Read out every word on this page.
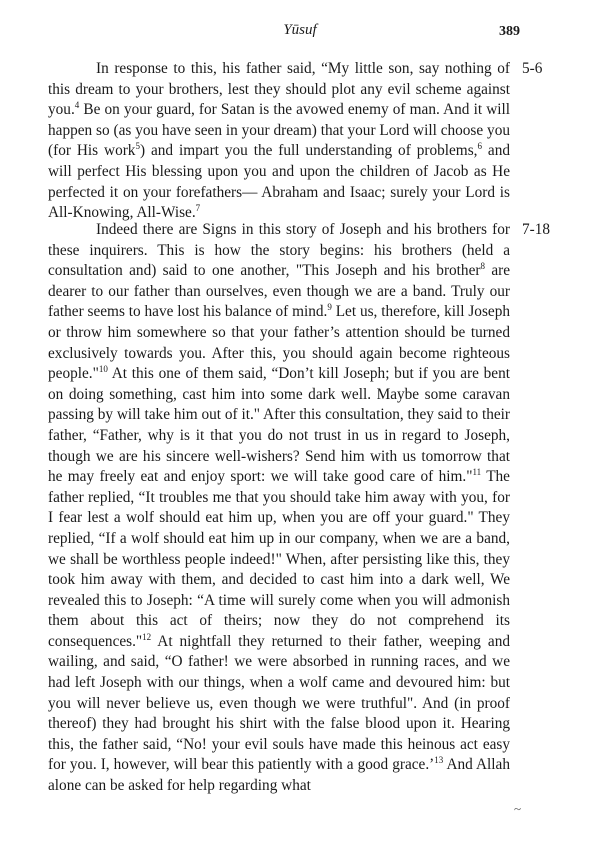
Yūsuf	389

In response to this, his father said, “My little son, say nothing of this dream to your brothers, lest they should plot any evil scheme against you.$^4$ Be on your guard, for Satan is the avowed enemy of man. And it will happen so (as you have seen in your dream) that your Lord will choose you (for His work$^5$) and impart you the full understanding of problems,$^6$ and will perfect His blessing upon you and upon the children of Jacob as He perfected it on your forefathers— Abraham and Isaac; surely your Lord is All-Knowing, All-Wise.$^7$

5-6

Indeed there are Signs in this story of Joseph and his brothers for these inquirers. This is how the story begins: his brothers (held a consultation and) said to one another, "This Joseph and his brother$^8$ are dearer to our father than ourselves, even though we are a band. Truly our father seems to have lost his balance of mind.$^9$ Let us, therefore, kill Joseph or throw him somewhere so that your father’s attention should be turned exclusively towards you. After this, you should again become righteous people."$^{10}$ At this one of them said, “Don’t kill Joseph; but if you are bent on doing something, cast him into some dark well. Maybe some caravan passing by will take him out of it." After this consultation, they said to their father, “Father, why is it that you do not trust in us in regard to Joseph, though we are his sincere well-wishers? Send him with us tomorrow that he may freely eat and enjoy sport: we will take good care of him."$^{11}$ The father replied, “It troubles me that you should take him away with you, for I fear lest a wolf should eat him up, when you are off your guard." They replied, “If a wolf should eat him up in our company, when we are a band, we shall be worthless people indeed!" When, after persisting like this, they took him away with them, and decided to cast him into a dark well, We revealed this to Joseph: “A time will surely come when you will admonish them about this act of theirs; now they do not comprehend its consequences."$^{12}$ At nightfall they returned to their father, weeping and wailing, and said, “O father! we were absorbed in running races, and we had left Joseph with our things, when a wolf came and devoured him: but you will never believe us, even though we were truthful". And (in proof thereof) they had brought his shirt with the false blood upon it. Hearing this, the father said, “No! your evil souls have made this heinous act easy for you. I, however, will bear this patiently with a good grace.’$^{13}$ And Allah alone can be asked for help regarding what

7-18
~
